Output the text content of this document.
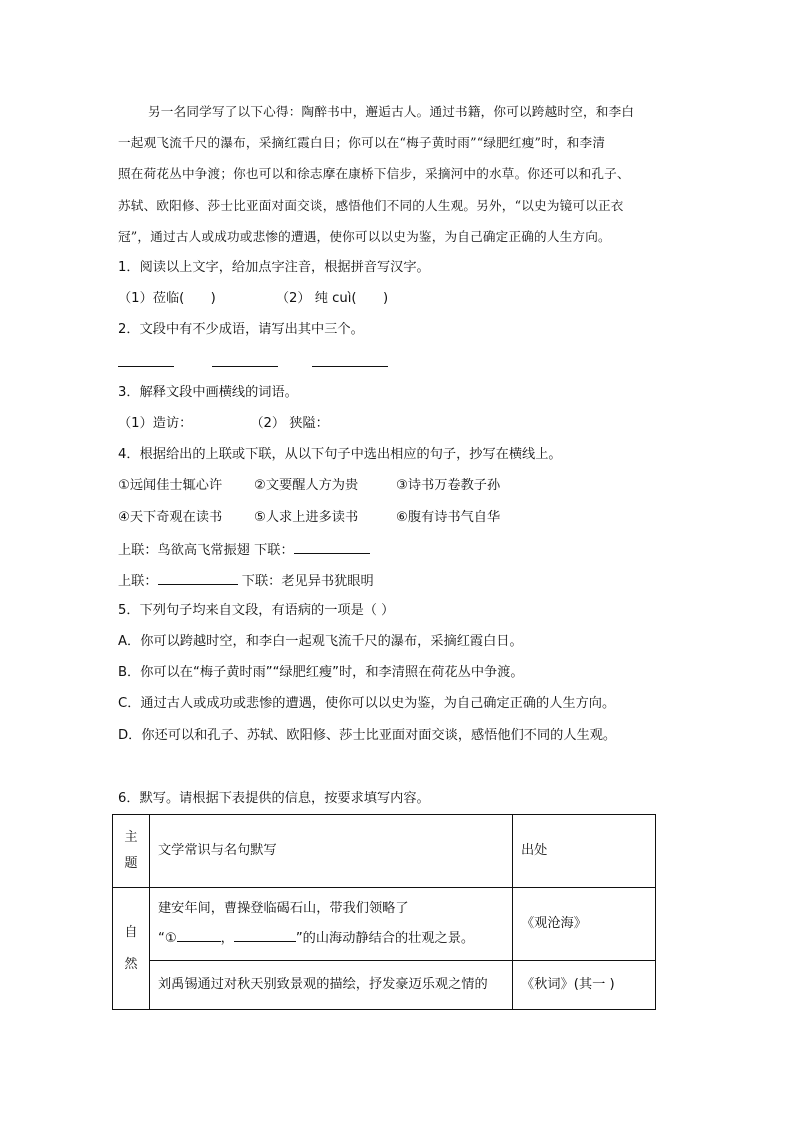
另一名同学写了以下心得：陶醉书中，邂逅古人。通过书籍，你可以跨越时空，和李白
一起观飞流千尺的瀑布，采摘红霞白日；你可以在“梅子黄时雨”“绿肥红瘦”时，和李清
照在荷花丛中争渡；你也可以和徐志摩在康桥下信步，采摘河中的水草。你还可以和孔子、
苏轼、欧阳修、莎士比亚面对面交谈，感悟他们不同的人生观。另外，“以史为镜可以正衣
冠”，通过古人或成功或悲惨的遭遇，使你可以以史为鉴，为自己确定正确的人生方向。
1．阅读以上文字，给加点字注音，根据拼音写汉字。
（1）莅临(　　)	（2） 纯 cuì(　　)
2．文段中有不少成语，请写出其中三个。
3．解释文段中画横线的词语。
（1）造访：	（2） 狭隘：
4．根据给出的上联或下联，从以下句子中选出相应的句子，抄写在横线上。
①远闻佳士辄心许 ②文要醒人方为贵	③诗书万卷教子孙
④天下奇观在读书 ⑤人求上进多读书	⑥腹有诗书气自华
上联：鸟欲高飞常振翅 下联：
上联：	下联：老见异书犹眼明
5．下列句子均来自文段，有语病的一项是（ ）
A．你可以跨越时空，和李白一起观飞流千尺的瀑布，采摘红霞白日。
B．你可以在“梅子黄时雨”“绿肥红瘦”时，和李清照在荷花丛中争渡。
C．通过古人或成功或悲惨的遭遇，使你可以以史为鉴，为自己确定正确的人生方向。
D．你还可以和孔子、苏轼、欧阳修、莎士比亚面对面交谈，感悟他们不同的人生观。
6．默写。请根据下表提供的信息，按要求填写内容。
主题	文学常识与名句默写	出处

自然	建安年间，曹操登临碣石山，带我们领略了
“① ， ”的山海动静结合的壮观之景。	《观沧海》

	刘禹锡通过对秋天别致景观的描绘，抒发豪迈乐观之情的	《秋词》(其一 )
